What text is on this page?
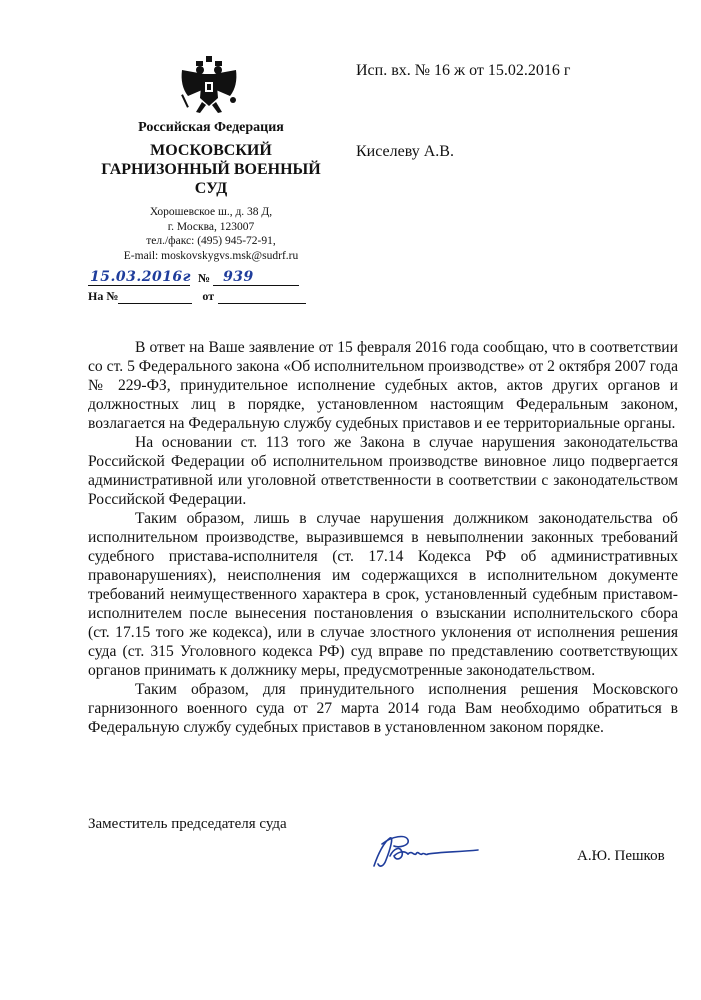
Российская Федерация
МОСКОВСКИЙ
ГАРНИЗОННЫЙ ВОЕННЫЙ
СУД
Хорошевское ш., д. 38 Д,
г. Москва, 123007
тел./факс: (495) 945-72-91,
E-mail: moskovskygvs.msk@sudrf.ru
15.03.2016г № 939
На №	от
Исп. вх. № 16 ж от 15.02.2016 г
Киселеву А.В.

В ответ на Ваше заявление от 15 февраля 2016 года сообщаю, что в соответствии со ст. 5 Федерального закона «Об исполнительном производстве» от 2 октября 2007 года № 229-ФЗ, принудительное исполнение судебных актов, актов других органов и должностных лиц в порядке, установленном настоящим Федеральным законом, возлагается на Федеральную службу судебных приставов и ее территориальные органы.

На основании ст. 113 того же Закона в случае нарушения законодательства Российской Федерации об исполнительном производстве виновное лицо подвергается административной или уголовной ответственности в соответствии с законодательством Российской Федерации.

Таким образом, лишь в случае нарушения должником законодательства об исполнительном производстве, выразившемся в невыполнении законных требований судебного пристава-исполнителя (ст. 17.14 Кодекса РФ об административных правонарушениях), неисполнения им содержащихся в исполнительном документе требований неимущественного характера в срок, установленный судебным приставом-исполнителем после вынесения постановления о взыскании исполнительского сбора (ст. 17.15 того же кодекса), или в случае злостного уклонения от исполнения решения суда (ст. 315 Уголовного кодекса РФ) суд вправе по представлению соответствующих органов принимать к должнику меры, предусмотренные законодательством.

Таким образом, для принудительного исполнения решения Московского гарнизонного военного суда от 27 марта 2014 года Вам необходимо обратиться в Федеральную службу судебных приставов в установленном законом порядке.

Заместитель председателя суда
А.Ю. Пешков
